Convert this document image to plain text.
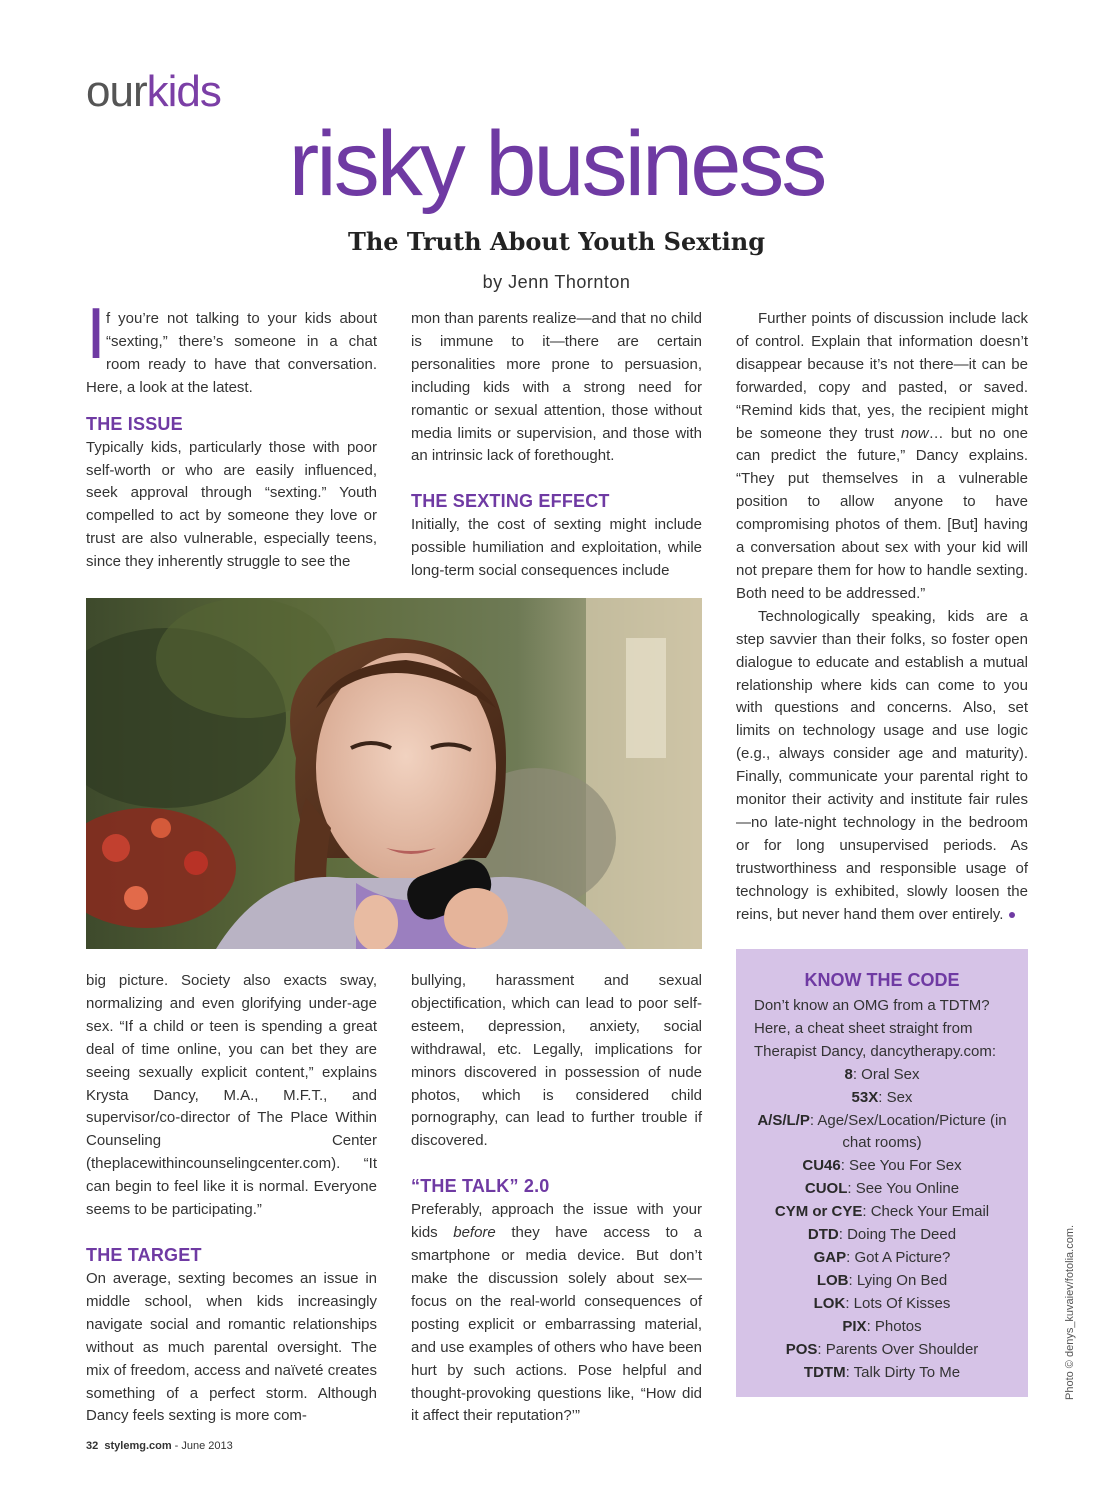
ourkids
risky business
The Truth About Youth Sexting
by Jenn Thornton

I f you’re not talking to your kids about “sexting,” there’s someone in a chat room ready to have that conversation. Here, a look at the latest.

THE ISSUE

Typically kids, particularly those with poor self-worth or who are easily influenced, seek approval through “sexting.” Youth compelled to act by someone they love or trust are also vulnerable, especially teens, since they inherently struggle to see the

mon than parents realize—and that no child is immune to it—there are certain personalities more prone to persuasion, including kids with a strong need for romantic or sexual attention, those without media limits or supervision, and those with an intrinsic lack of forethought.

THE SEXTING EFFECT

Initially, the cost of sexting might include possible humiliation and exploitation, while long-term social consequences include

big picture. Society also exacts sway, normalizing and even glorifying under-age sex. “If a child or teen is spending a great deal of time online, you can bet they are seeing sexually explicit content,” explains Krysta Dancy, M.A., M.F.T., and supervisor/co-director of The Place Within Counseling Center (theplacewithincounselingcenter.com). “It can begin to feel like it is normal. Everyone seems to be participating.”

THE TARGET

On average, sexting becomes an issue in middle school, when kids increasingly navigate social and romantic relationships without as much parental oversight. The mix of freedom, access and naïveté creates something of a perfect storm. Although Dancy feels sexting is more com-

bullying, harassment and sexual objectification, which can lead to poor self-esteem, depression, anxiety, social withdrawal, etc. Legally, implications for minors discovered in possession of nude photos, which is considered child pornography, can lead to further trouble if discovered.

“THE TALK” 2.0

Preferably, approach the issue with your kids before they have access to a smartphone or media device. But don’t make the discussion solely about sex—focus on the real-world consequences of posting explicit or embarrassing material, and use examples of others who have been hurt by such actions. Pose helpful and thought-provoking questions like, “How did it affect their reputation?’”

Further points of discussion include lack of control. Explain that information doesn’t disappear because it’s not there—it can be forwarded, copy and pasted, or saved. “Remind kids that, yes, the recipient might be someone they trust now… but no one can predict the future,” Dancy explains. “They put themselves in a vulnerable position to allow anyone to have compromising photos of them. [But] having a conversation about sex with your kid will not prepare them for how to handle sexting. Both need to be addressed.”

Technologically speaking, kids are a step savvier than their folks, so foster open dialogue to educate and establish a mutual relationship where kids can come to you with questions and concerns. Also, set limits on technology usage and use logic (e.g., always consider age and maturity). Finally, communicate your parental right to monitor their activity and institute fair rules—no late-night technology in the bedroom or for long unsupervised periods. As trustworthiness and responsible usage of technology is exhibited, slowly loosen the reins, but never hand them over entirely.

KNOW THE CODE
Don’t know an OMG from a TDTM? Here, a cheat sheet straight from Therapist Dancy, dancytherapy.com:
8: Oral Sex
53X: Sex
A/S/L/P: Age/Sex/Location/Picture (in chat rooms)
CU46: See You For Sex
CUOL: See You Online
CYM or CYE: Check Your Email
DTD: Doing The Deed
GAP: Got A Picture?
LOB: Lying On Bed
LOK: Lots Of Kisses
PIX: Photos
POS: Parents Over Shoulder
TDTM: Talk Dirty To Me	Photo © denys_kuvaiev/fotolia.com.
32 stylemg.com - June 2013
